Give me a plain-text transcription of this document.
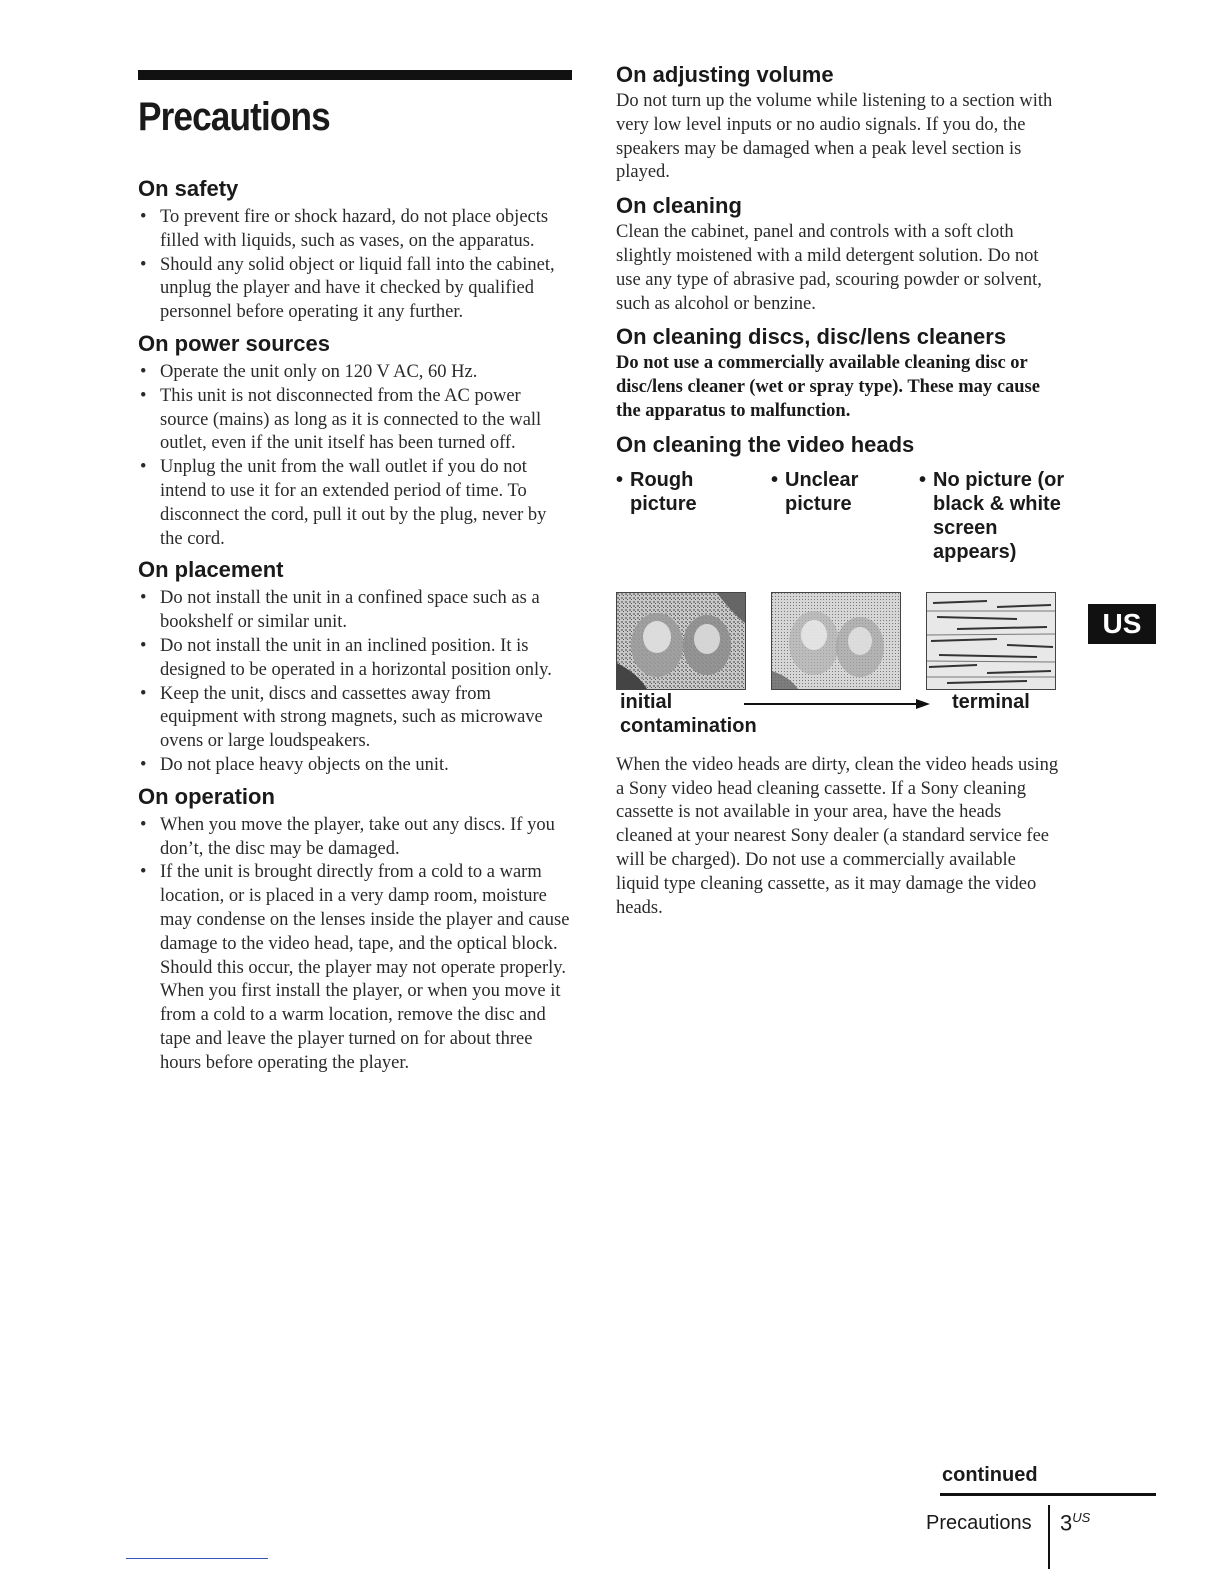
Precautions
On safety
• To prevent fire or shock hazard, do not place objects filled with liquids, such as vases, on the apparatus.
• Should any solid object or liquid fall into the cabinet, unplug the player and have it checked by qualified personnel before operating it any further.
On power sources
• Operate the unit only on 120 V AC, 60 Hz.
• This unit is not disconnected from the AC power source (mains) as long as it is connected to the wall outlet, even if the unit itself has been turned off.
• Unplug the unit from the wall outlet if you do not intend to use it for an extended period of time. To disconnect the cord, pull it out by the plug, never by the cord.
On placement
• Do not install the unit in a confined space such as a bookshelf or similar unit.
• Do not install the unit in an inclined position. It is designed to be operated in a horizontal position only.
• Keep the unit, discs and cassettes away from equipment with strong magnets, such as microwave ovens or large loudspeakers.
• Do not place heavy objects on the unit.
On operation
• When you move the player, take out any discs. If you don’t, the disc may be damaged.
• If the unit is brought directly from a cold to a warm location, or is placed in a very damp room, moisture may condense on the lenses inside the player and cause damage to the video head, tape, and the optical block. Should this occur, the player may not operate properly. When you first install the player, or when you move it from a cold to a warm location, remove the disc and tape and leave the player turned on for about three hours before operating the player.
On adjusting volume

Do not turn up the volume while listening to a section with very low level inputs or no audio signals. If you do, the speakers may be damaged when a peak level section is played.

On cleaning

Clean the cabinet, panel and controls with a soft cloth slightly moistened with a mild detergent solution. Do not use any type of abrasive pad, scouring powder or solvent, such as alcohol or benzine.

On cleaning discs, disc/lens cleaners

Do not use a commercially available cleaning disc or disc/lens cleaner (wet or spray type). These may cause the apparatus to malfunction.

On cleaning the video heads
• Rough picture
• Unclear picture
• No picture (or black & white screen appears)
initial contamination
terminal

When the video heads are dirty, clean the video heads using a Sony video head cleaning cassette. If a Sony cleaning cassette is not available in your area, have the heads cleaned at your nearest Sony dealer (a standard service fee will be charged). Do not use a commercially available liquid type cleaning cassette, as it may damage the video heads.

US
continued
Precautions $3^{US}$
